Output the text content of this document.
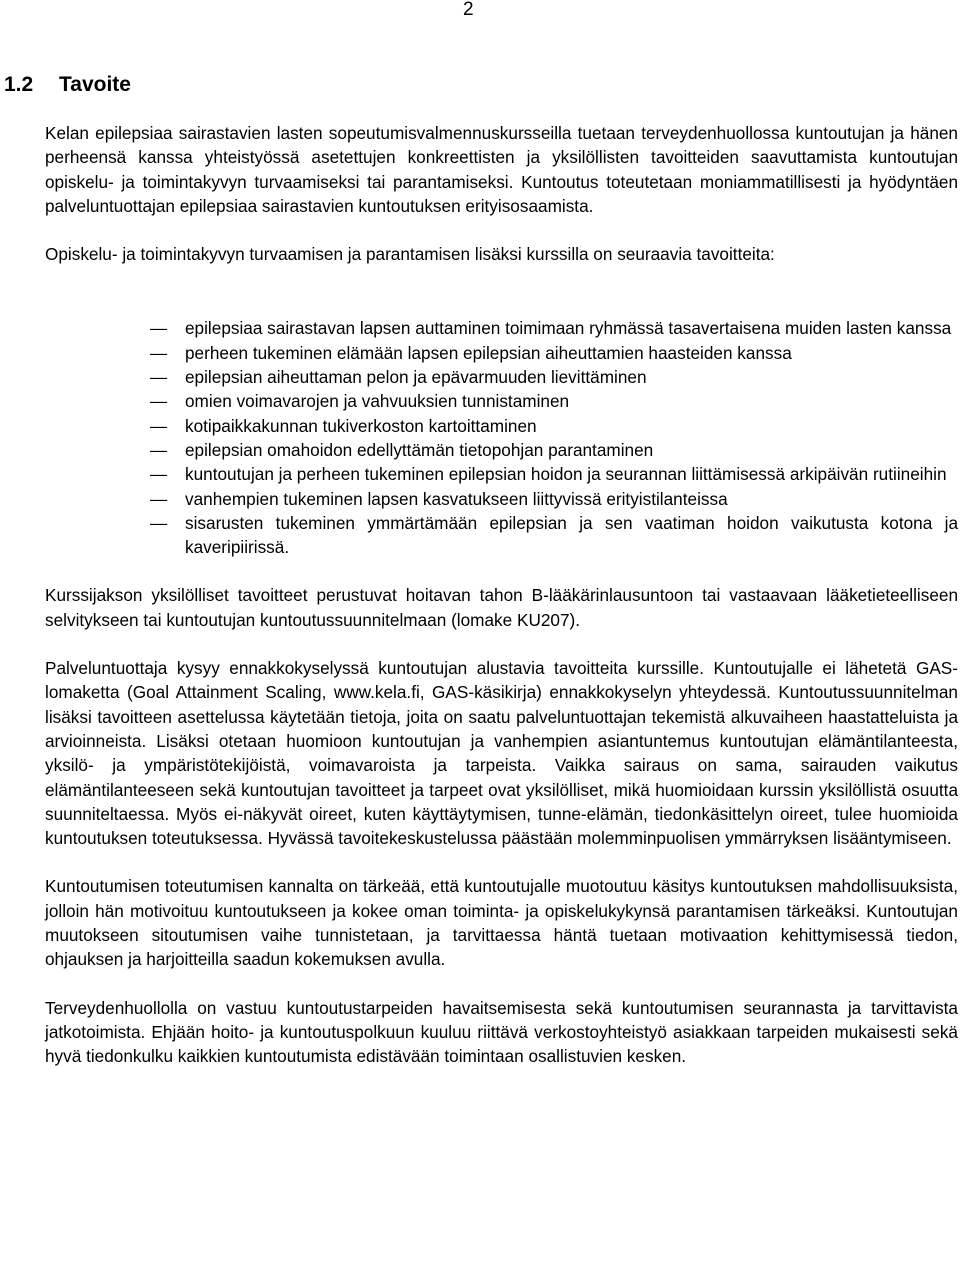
2
1.2 Tavoite

Kelan epilepsiaa sairastavien lasten sopeutumisvalmennuskursseilla tuetaan terveydenhuollossa kuntoutujan ja hänen perheensä kanssa yhteistyössä asetettujen konkreettisten ja yksilöllisten tavoitteiden saavuttamista kuntoutujan opiskelu- ja toimintakyvyn turvaamiseksi tai parantamiseksi. Kuntoutus toteutetaan moniammatillisesti ja hyödyntäen palveluntuottajan epilepsiaa sairastavien kuntoutuksen erityisosaamista.

Opiskelu- ja toimintakyvyn turvaamisen ja parantamisen lisäksi kurssilla on seuraavia tavoitteita:

— epilepsiaa sairastavan lapsen auttaminen toimimaan ryhmässä tasavertaisena muiden lasten kanssa
— perheen tukeminen elämään lapsen epilepsian aiheuttamien haasteiden kanssa
— epilepsian aiheuttaman pelon ja epävarmuuden lievittäminen
— omien voimavarojen ja vahvuuksien tunnistaminen
— kotipaikkakunnan tukiverkoston kartoittaminen
— epilepsian omahoidon edellyttämän tietopohjan parantaminen
— kuntoutujan ja perheen tukeminen epilepsian hoidon ja seurannan liittämisessä arkipäivän rutiineihin
— vanhempien tukeminen lapsen kasvatukseen liittyvissä erityistilanteissa
— sisarusten tukeminen ymmärtämään epilepsian ja sen vaatiman hoidon vaikutusta kotona ja kaveripiirissä.

Kurssijakson yksilölliset tavoitteet perustuvat hoitavan tahon B-lääkärinlausuntoon tai vastaavaan lääketieteelliseen selvitykseen tai kuntoutujan kuntoutussuunnitelmaan (lomake KU207).

Palveluntuottaja kysyy ennakkokyselyssä kuntoutujan alustavia tavoitteita kurssille. Kuntoutujalle ei lähetetä GAS-lomaketta (Goal Attainment Scaling, www.kela.fi, GAS-käsikirja) ennakkokyselyn yhteydessä. Kuntoutussuunnitelman lisäksi tavoitteen asettelussa käytetään tietoja, joita on saatu palveluntuottajan tekemistä alkuvaiheen haastatteluista ja arvioinneista. Lisäksi otetaan huomioon kuntoutujan ja vanhempien asiantuntemus kuntoutujan elämäntilanteesta, yksilö- ja ympäristötekijöistä, voimavaroista ja tarpeista. Vaikka sairaus on sama, sairauden vaikutus elämäntilanteeseen sekä kuntoutujan tavoitteet ja tarpeet ovat yksilölliset, mikä huomioidaan kurssin yksilöllistä osuutta suunniteltaessa. Myös ei-näkyvät oireet, kuten käyttäytymisen, tunne-elämän, tiedonkäsittelyn oireet, tulee huomioida kuntoutuksen toteutuksessa. Hyvässä tavoitekeskustelussa päästään molemminpuolisen ymmärryksen lisääntymiseen.

Kuntoutumisen toteutumisen kannalta on tärkeää, että kuntoutujalle muotoutuu käsitys kuntoutuksen mahdollisuuksista, jolloin hän motivoituu kuntoutukseen ja kokee oman toiminta- ja opiskelukykynsä parantamisen tärkeäksi. Kuntoutujan muutokseen sitoutumisen vaihe tunnistetaan, ja tarvittaessa häntä tuetaan motivaation kehittymisessä tiedon, ohjauksen ja harjoitteilla saadun kokemuksen avulla.

Terveydenhuollolla on vastuu kuntoutustarpeiden havaitsemisesta sekä kuntoutumisen seurannasta ja tarvittavista jatkotoimista. Ehjään hoito- ja kuntoutuspolkuun kuuluu riittävä verkostoyhteistyö asiakkaan tarpeiden mukaisesti sekä hyvä tiedonkulku kaikkien kuntoutumista edistävään toimintaan osallistuvien kesken.
